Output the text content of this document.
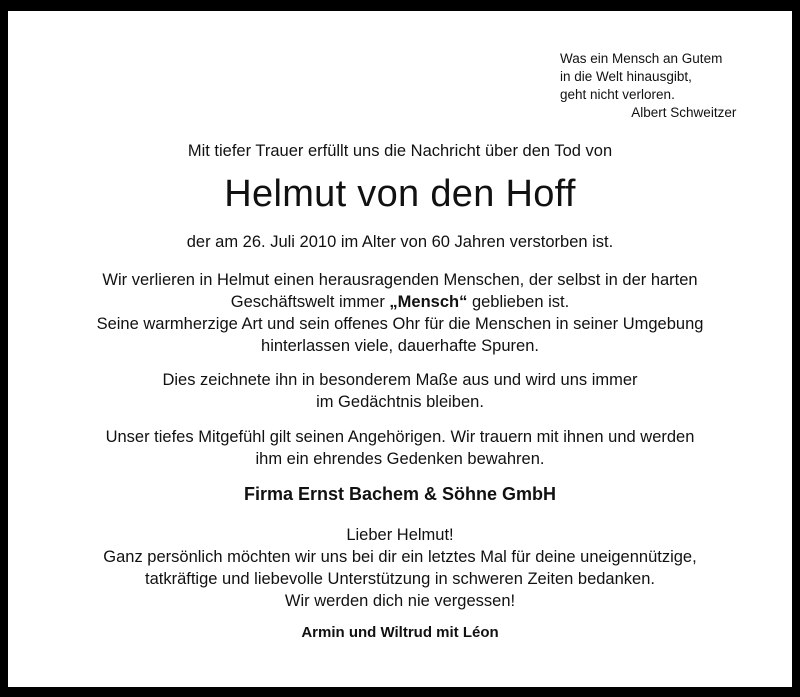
Was ein Mensch an Gutem
in die Welt hinausgibt,
geht nicht verloren.
Albert Schweitzer
Mit tiefer Trauer erfüllt uns die Nachricht über den Tod von
Helmut von den Hoff
der am 26. Juli 2010 im Alter von 60 Jahren verstorben ist.
Wir verlieren in Helmut einen herausragenden Menschen, der selbst in der harten
Geschäftswelt immer „Mensch“ geblieben ist.
Seine warmherzige Art und sein offenes Ohr für die Menschen in seiner Umgebung
hinterlassen viele, dauerhafte Spuren.
Dies zeichnete ihn in besonderem Maße aus und wird uns immer
im Gedächtnis bleiben.
Unser tiefes Mitgefühl gilt seinen Angehörigen. Wir trauern mit ihnen und werden
ihm ein ehrendes Gedenken bewahren.
Firma Ernst Bachem & Söhne GmbH
Lieber Helmut!
Ganz persönlich möchten wir uns bei dir ein letztes Mal für deine uneigennützige,
tatkräftige und liebevolle Unterstützung in schweren Zeiten bedanken.
Wir werden dich nie vergessen!
Armin und Wiltrud mit Léon
